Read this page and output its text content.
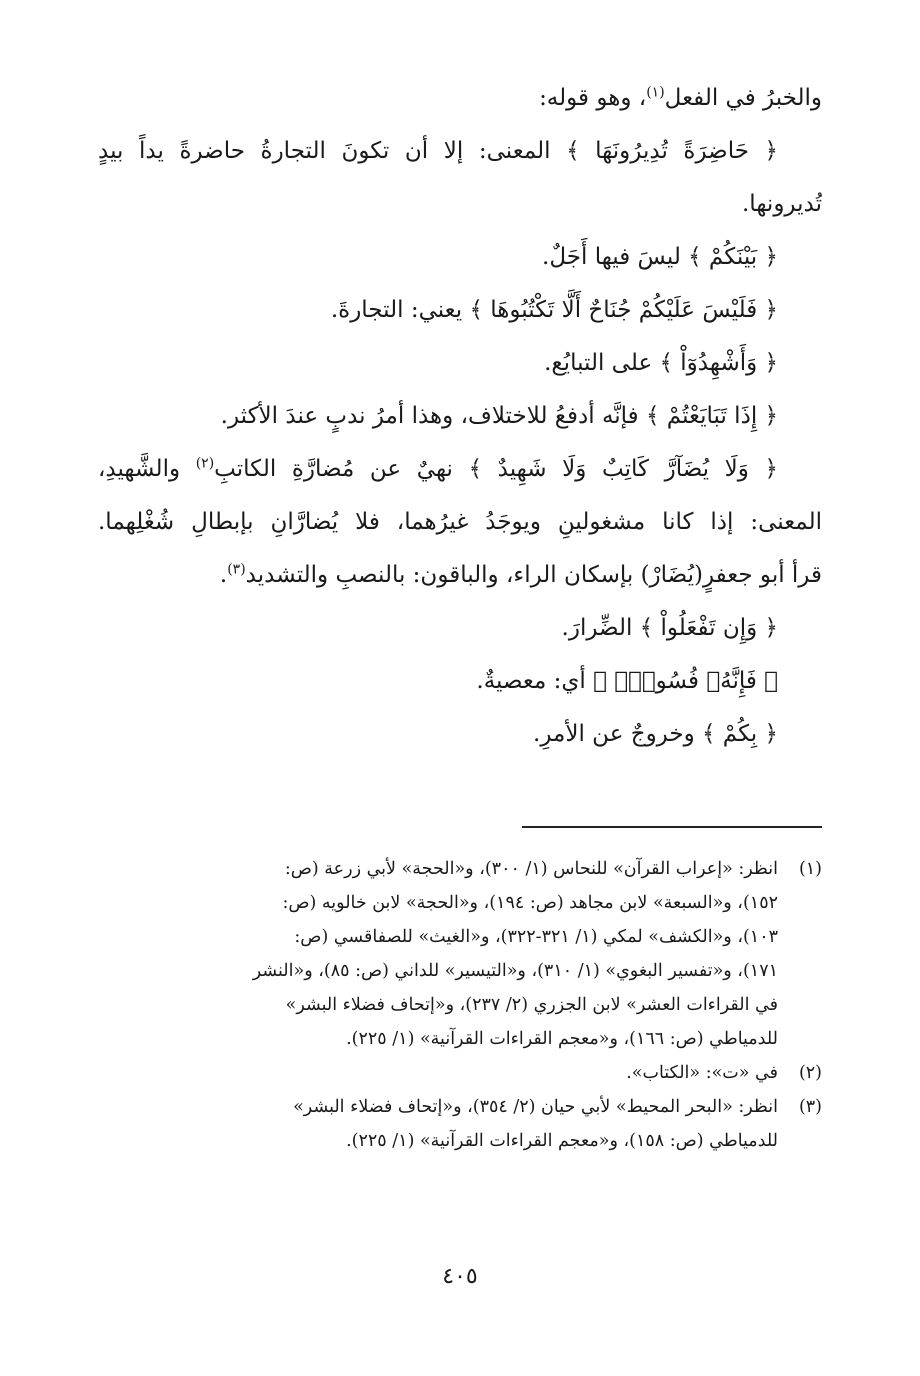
والخبرُ في الفعل$^{(١)}$، وهو قوله:
﴿ حَاضِرَةً تُدِيرُونَهَا ﴾ المعنى: إلا أن تكونَ التجارةُ حاضرةً يداً بيدٍ
تُديرونها.
﴿ بَيْنَكُمْ ﴾ ليسَ فيها أَجَلٌ.
﴿ فَلَيْسَ عَلَيْكُمْ جُنَاحٌ أَلَّا تَكْتُبُوهَا ﴾ يعني: التجارةَ.
﴿ وَأَشْهِدُوٓاْ ﴾ على التبايُع.
﴿ إِذَا تَبَايَعْتُمْ ﴾ فإنَّه أدفعُ للاختلاف، وهذا أمرُ ندبٍ عندَ الأكثر.
﴿ وَلَا يُضَآرَّ كَاتِبٌ وَلَا شَهِيدٌ ﴾ نهيٌ عن مُضارَّةِ الكاتبِ$^{(٢)}$ والشَّهيدِ،
المعنى: إذا كانا مشغولينِ ويوجَدُ غيرُهما، فلا يُضارَّانِ بإبطالِ شُغْلِهما.
قرأ أبو جعفرٍ(يُضَارْ) بإسكان الراء، والباقون: بالنصبِ والتشديد$^{(٣)}$.
﴿ وَإِن تَفْعَلُواْ ﴾ الضِّرارَ.
﴿ فَإِنَّهُۥ فُسُوقٌۢ ﴾ أي: معصيةٌ.
﴿ بِكُمْ ﴾ وخروجٌ عن الأمرِ.
(١)
انظر: «إعراب القرآن» للنحاس (١/ ٣٠٠)، و«الحجة» لأبي زرعة (ص:
١٥٢)، و«السبعة» لابن مجاهد (ص: ١٩٤)، و«الحجة» لابن خالويه (ص:
١٠٣)، و«الكشف» لمكي (١/ ٣٢١-٣٢٢)، و«الغيث» للصفاقسي (ص:
١٧١)، و«تفسير البغوي» (١/ ٣١٠)، و«التيسير» للداني (ص: ٨٥)، و«النشر
في القراءات العشر» لابن الجزري (٢/ ٢٣٧)، و«إتحاف فضلاء البشر»
للدمياطي (ص: ١٦٦)، و«معجم القراءات القرآنية» (١/ ٢٢٥).
(٢)
في «ت»: «الكتاب».
(٣)
انظر: «البحر المحيط» لأبي حيان (٢/ ٣٥٤)، و«إتحاف فضلاء البشر»
للدمياطي (ص: ١٥٨)، و«معجم القراءات القرآنية» (١/ ٢٢٥).
٤٠٥
